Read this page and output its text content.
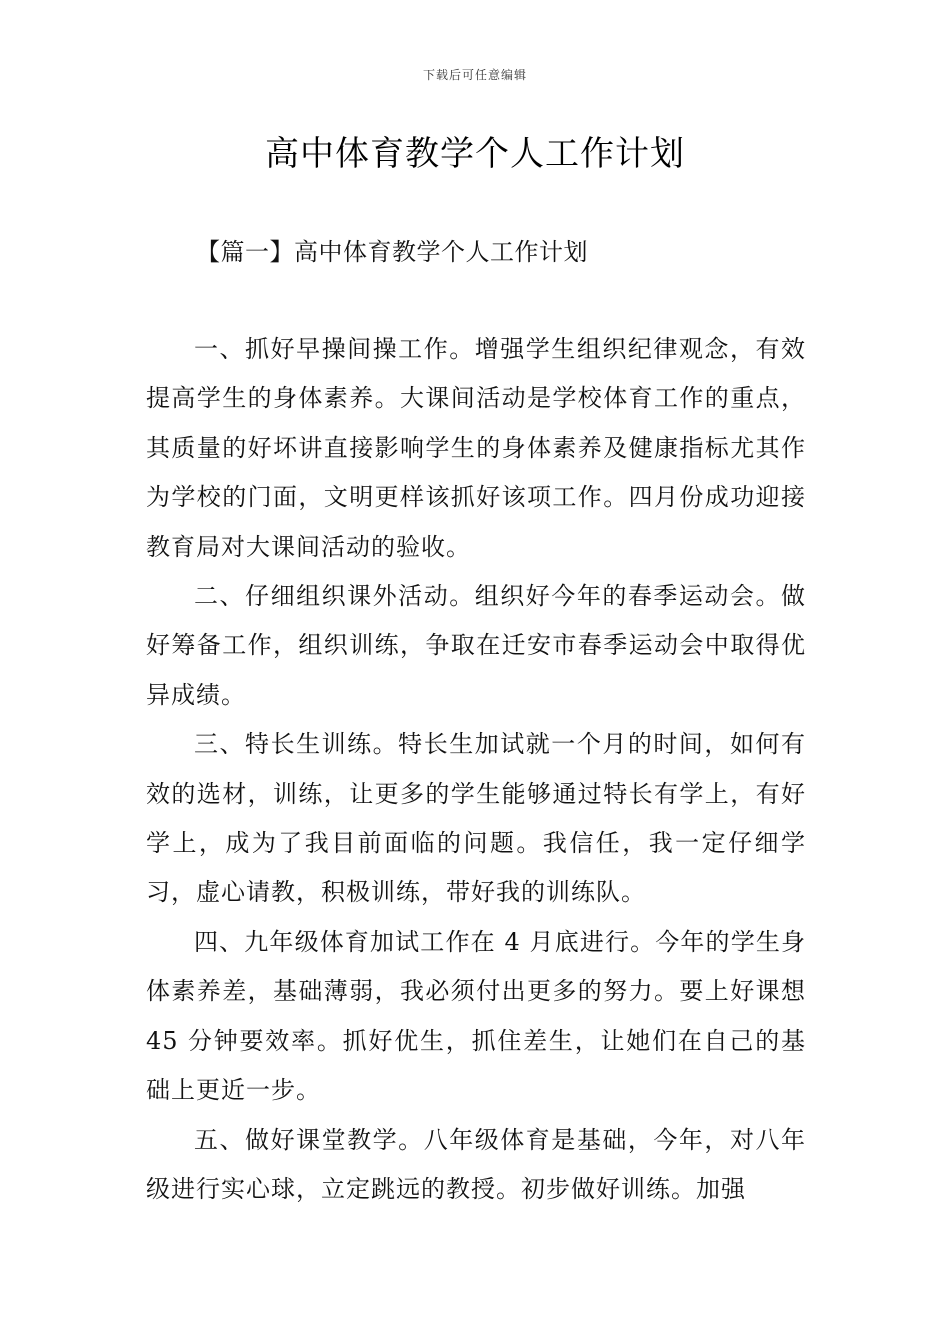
下载后可任意编辑
高中体育教学个人工作计划
【篇一】高中体育教学个人工作计划

一、抓好早操间操工作。增强学生组织纪律观念，有效提高学生的身体素养。大课间活动是学校体育工作的重点，其质量的好坏讲直接影响学生的身体素养及健康指标尤其作为学校的门面，文明更样该抓好该项工作。四月份成功迎接教育局对大课间活动的验收。

二、仔细组织课外活动。组织好今年的春季运动会。做好筹备工作，组织训练，争取在迁安市春季运动会中取得优异成绩。

三、特长生训练。特长生加试就一个月的时间，如何有效的选材，训练，让更多的学生能够通过特长有学上，有好学上，成为了我目前面临的问题。我信任，我一定仔细学习，虚心请教，积极训练，带好我的训练队。

四、九年级体育加试工作在 4 月底进行。今年的学生身体素养差，基础薄弱，我必须付出更多的努力。要上好课想 45 分钟要效率。抓好优生，抓住差生，让她们在自己的基础上更近一步。

五、做好课堂教学。八年级体育是基础，今年，对八年级进行实心球，立定跳远的教授。初步做好训练。加强
